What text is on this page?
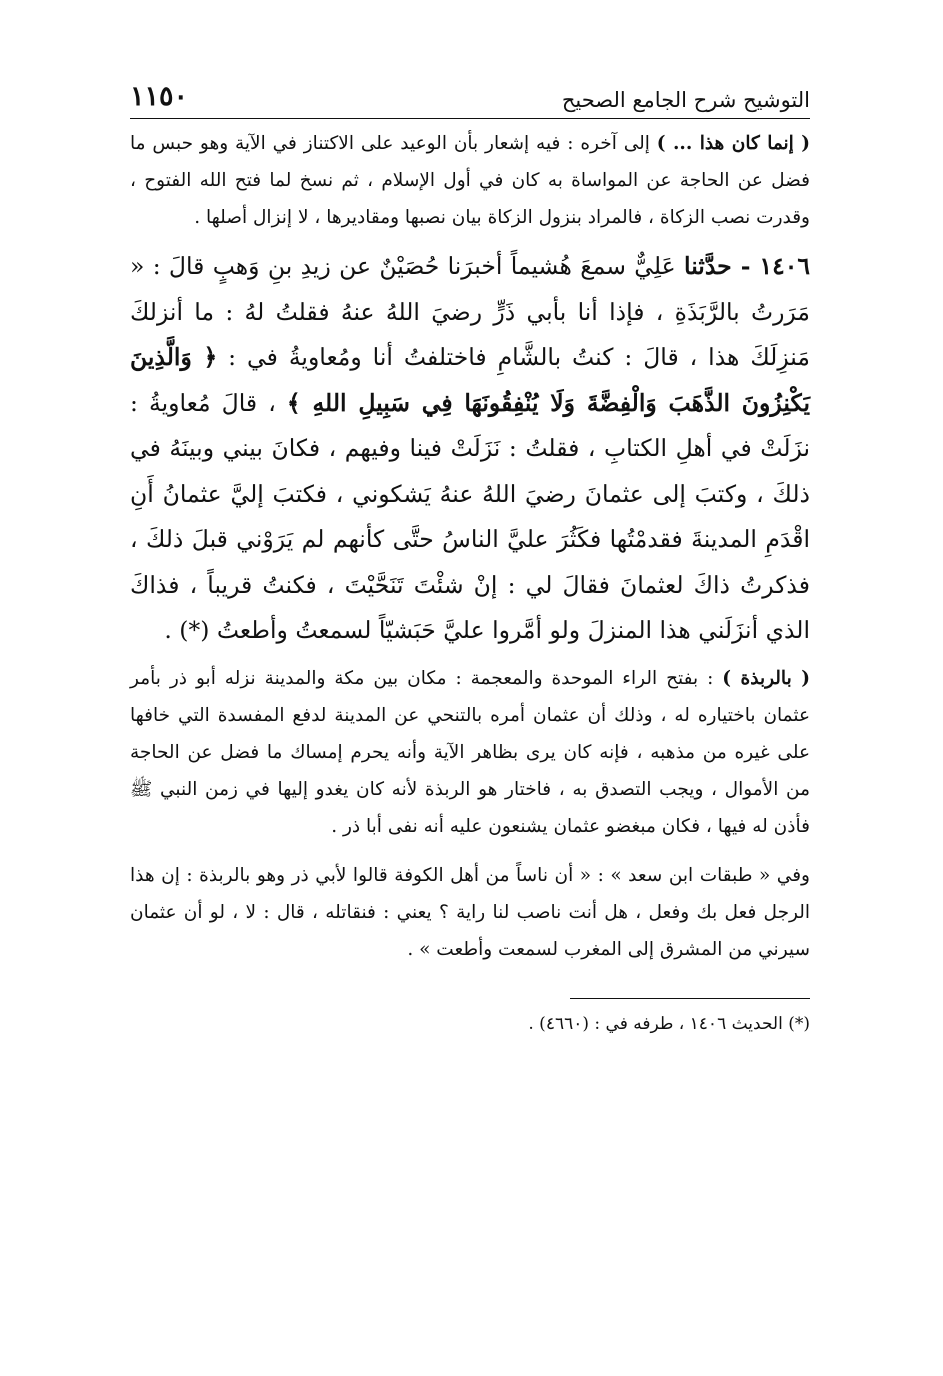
التوشيح شرح الجامع الصحيح
١١٥٠

( إنما كان هذا ... ) إلى آخره : فيه إشعار بأن الوعيد على الاكتناز في الآية وهو حبس ما فضل عن الحاجة عن المواساة به كان في أول الإسلام ، ثم نسخ لما فتح الله الفتوح ، وقدرت نصب الزكاة ، فالمراد بنزول الزكاة بيان نصبها ومقاديرها ، لا إنزال أصلها .

١٤٠٦ - حدَّثنا عَلِيٌّ سمعَ هُشيماً أخبرَنا حُصَيْنٌ عن زيدِ بنِ وَهبٍ قالَ : « مَرَرتُ بالرَّبَذَةِ ، فإذا أنا بأبي ذَرٍّ رضيَ اللهُ عنهُ فقلتُ لهُ : ما أنزلكَ مَنزِلَكَ هذا ، قالَ : كنتُ بالشَّامِ فاختلفتُ أنا ومُعاويةُ في : ﴿ وَالَّذِينَ يَكْنِزُونَ الذَّهَبَ وَالْفِضَّةَ وَلَا يُنْفِقُونَهَا فِي سَبِيلِ اللهِ ﴾ ، قالَ مُعاويةُ : نزَلَتْ في أهلِ الكتابِ ، فقلتُ : نَزَلَتْ فينا وفيهم ، فكانَ بيني وبينَهُ في ذلكَ ، وكتبَ إلى عثمانَ رضيَ اللهُ عنهُ يَشكوني ، فكتبَ إليَّ عثمانُ أَنِ اقْدَمِ المدينةَ فقدمْتُها فكَثُرَ عليَّ الناسُ حتَّى كأنهم لم يَرَوْني قبلَ ذلكَ ، فذكرتُ ذاكَ لعثمانَ فقالَ لي : إنْ شئْتَ تَنَحَّيْتَ ، فكنتُ قريباً ، فذاكَ الذي أنزَلَني هذا المنزلَ ولو أمَّروا عليَّ حَبَشيّاً لسمعتُ وأطعتُ (*) .

( بالربذة ) : بفتح الراء الموحدة والمعجمة : مكان بين مكة والمدينة نزله أبو ذر بأمر عثمان باختياره له ، وذلك أن عثمان أمره بالتنحي عن المدينة لدفع المفسدة التي خافها على غيره من مذهبه ، فإنه كان يرى بظاهر الآية وأنه يحرم إمساك ما فضل عن الحاجة من الأموال ، ويجب التصدق به ، فاختار هو الربذة لأنه كان يغدو إليها في زمن النبي ﷺ فأذن له فيها ، فكان مبغضو عثمان يشنعون عليه أنه نفى أبا ذر .

وفي « طبقات ابن سعد » : « أن ناساً من أهل الكوفة قالوا لأبي ذر وهو بالربذة : إن هذا الرجل فعل بك وفعل ، هل أنت ناصب لنا راية ؟ يعني : فنقاتله ، قال : لا ، لو أن عثمان سيرني من المشرق إلى المغرب لسمعت وأطعت » .

(*) الحديث ١٤٠٦ ، طرفه في : (٤٦٦٠) .
